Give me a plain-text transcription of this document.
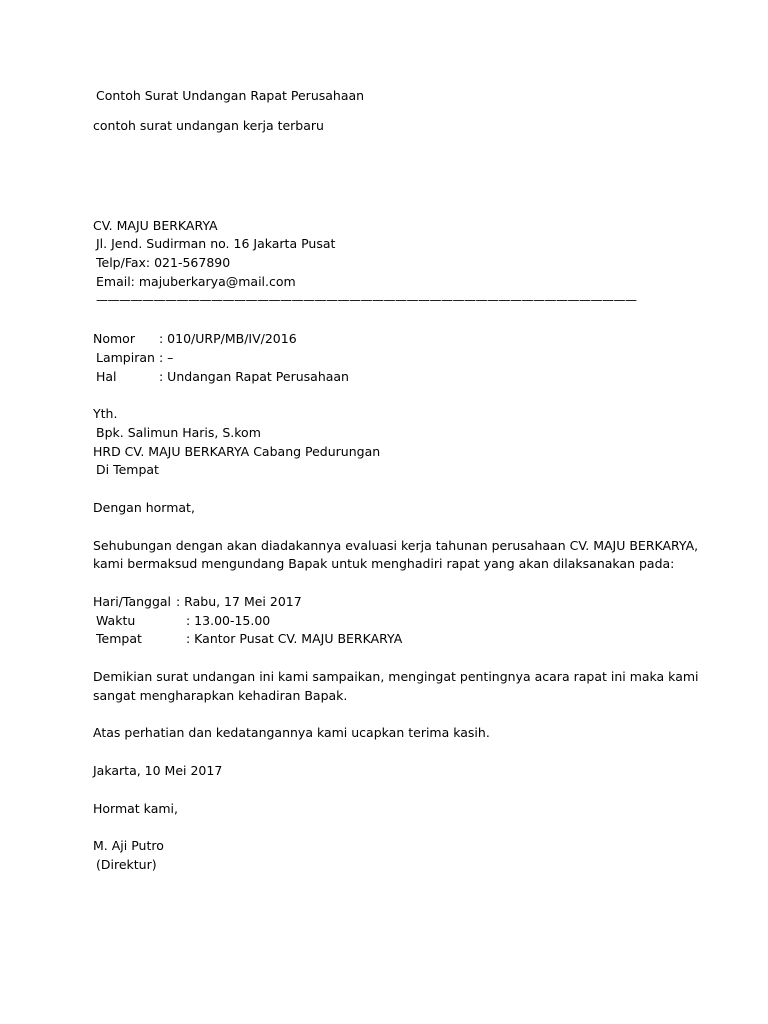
Contoh Surat Undangan Rapat Perusahaan
contoh surat undangan kerja terbaru
CV. MAJU BERKARYA
Jl. Jend. Sudirman no. 16 Jakarta Pusat
Telp/Fax: 021-567890
Email: majuberkarya@mail.com
———————————————————————————————————————————————
Nomor : 010/URP/MB/IV/2016
Lampiran : –
Hal	: Undangan Rapat Perusahaan
Yth.
Bpk. Salimun Haris, S.kom
HRD CV. MAJU BERKARYA Cabang Pedurungan
Di Tempat
Dengan hormat,
Sehubungan dengan akan diadakannya evaluasi kerja tahunan perusahaan CV. MAJU BERKARYA,
kami bermaksud mengundang Bapak untuk menghadiri rapat yang akan dilaksanakan pada:
Hari/Tanggal : Rabu, 17 Mei 2017
Waktu	: 13.00-15.00
Tempat	: Kantor Pusat CV. MAJU BERKARYA
Demikian surat undangan ini kami sampaikan, mengingat pentingnya acara rapat ini maka kami
sangat mengharapkan kehadiran Bapak.
Atas perhatian dan kedatangannya kami ucapkan terima kasih.
Jakarta, 10 Mei 2017
Hormat kami,
M. Aji Putro
(Direktur)
